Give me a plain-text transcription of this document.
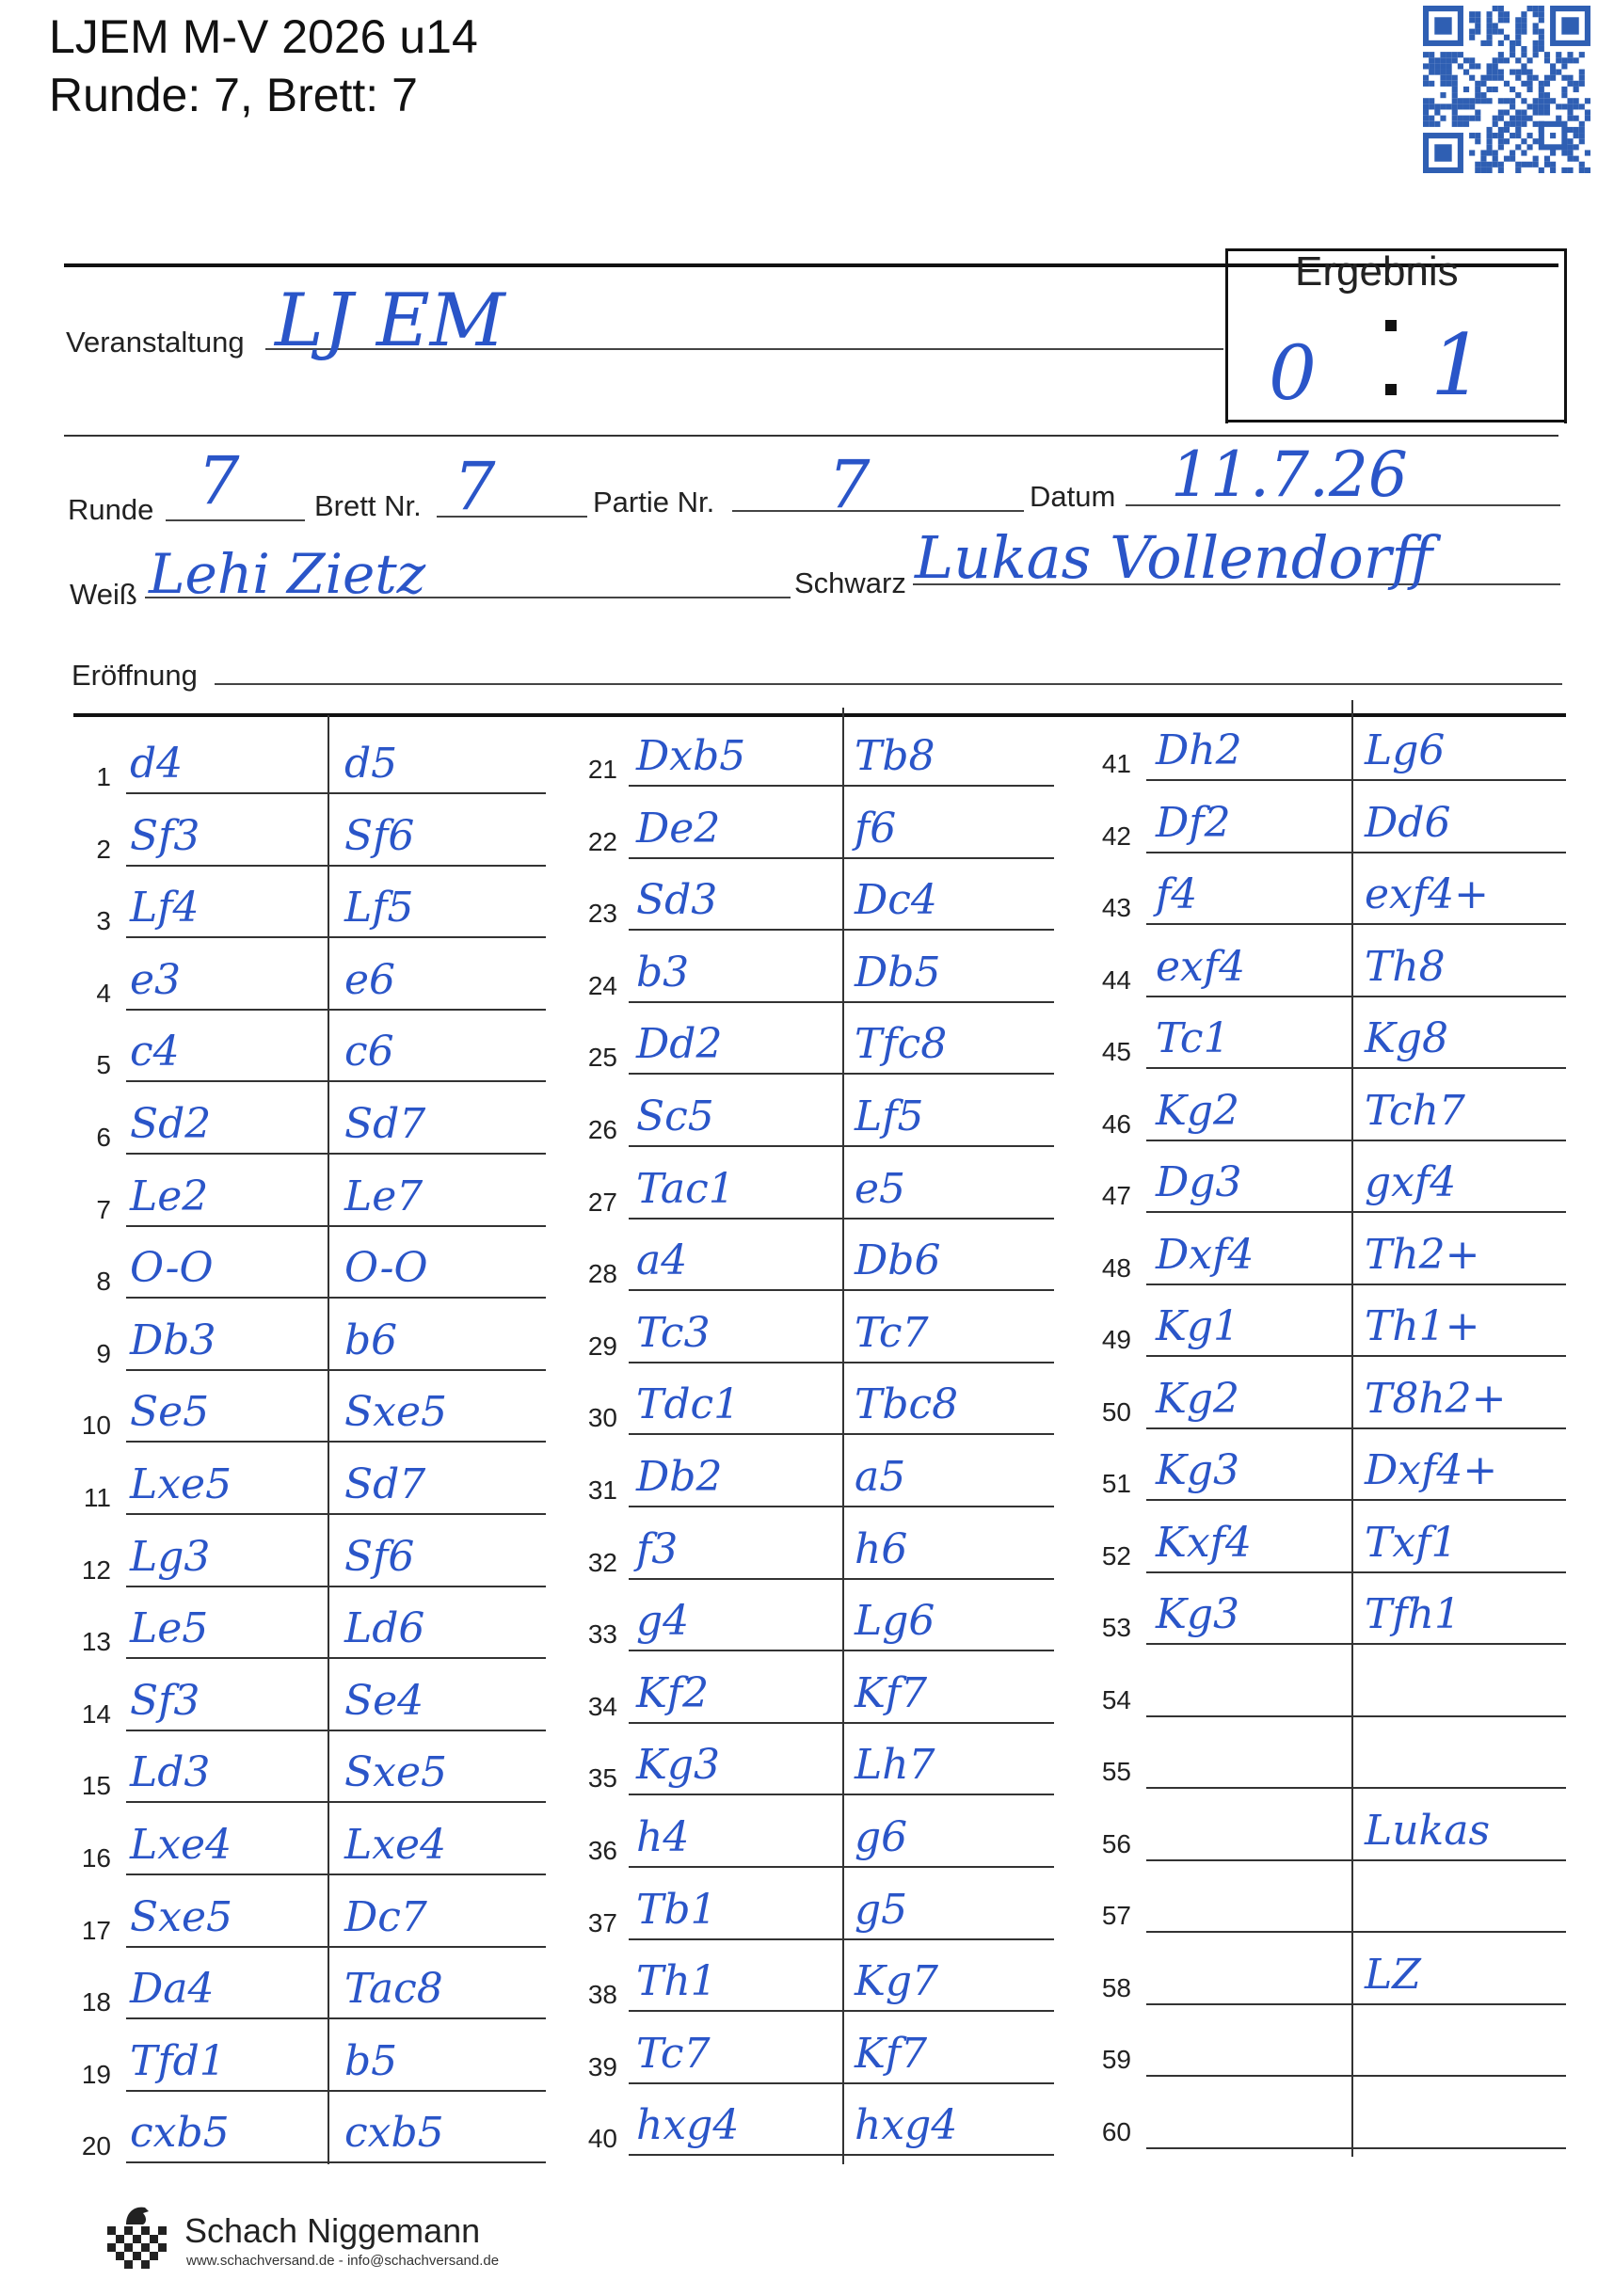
LJEM M-V 2026 u14
Runde: 7, Brett: 7
Veranstaltung LJ EM
Ergebnis
0 1
Runde 7	Brett Nr. 7	Partie Nr. 7	Datum 11.7.26
Weiß Lehi Zietz	Schwarz Lukas Vollendorff
Eröffnung
1 d4	d5
2 Sf3	Sf6
3 Lf4	Lf5
4 e3	e6
5 c4	c6
6 Sd2	Sd7
7 Le2	Le7
8 O-O	O-O
9 Db3	b6
10 Se5	Sxe5
11 Lxe5	Sd7
12 Lg3	Sf6
13 Le5	Ld6
14 Sf3	Se4
15 Ld3	Sxe5
16 Lxe4	Lxe4
17 Sxe5	Dc7
18 Da4	Tac8
19 Tfd1	b5
20 cxb5	cxb5
21 Dxb5	Tb8
22 De2	f6
23 Sd3	Dc4
24 b3	Db5
25 Dd2	Tfc8
26 Sc5	Lf5
27 Tac1	e5
28 a4	Db6
29 Tc3	Tc7
30 Tdc1	Tbc8
31 Db2	a5
32 f3	h6
33 g4	Lg6
34 Kf2	Kf7
35 Kg3	Lh7
36 h4	g6
37 Tb1	g5
38 Th1	Kg7
39 Tc7	Kf7
40 hxg4	hxg4
41 Dh2	Lg6
42 Df2	Dd6
43 f4	exf4+
44 exf4	Th8
45 Tc1	Kg8
46 Kg2	Tch7
47 Dg3	gxf4
48 Dxf4	Th2+
49 Kg1	Th1+
50 Kg2	T8h2+
51 Kg3	Dxf4+
52 Kxf4	Txf1
53 Kg3	Tfh1
54
55
56	Lukas
57
58	LZ
59
60
Schach Niggemann
www.schachversand.de - info@schachversand.de
